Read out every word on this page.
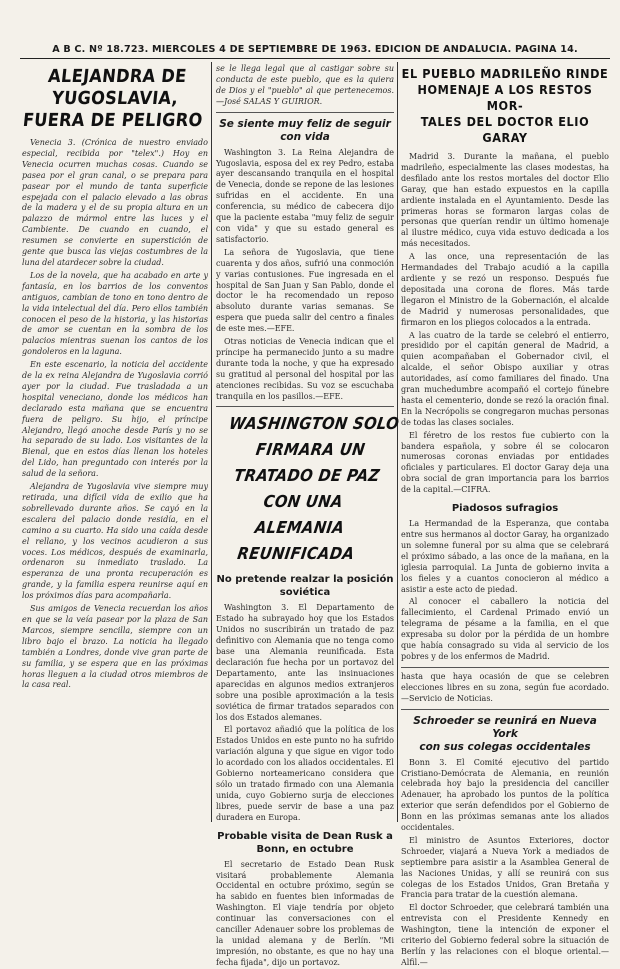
A B C. Nº 18.723. MIERCOLES 4 DE SEPTIEMBRE DE 1963. EDICION DE ANDALUCIA. PAGINA 14.
ALEJANDRA DE YUGOSLAVIA,
FUERA DE PELIGRO

Venecia 3. (Crónica de nuestro enviado especial, recibida por "telex".) Hoy en Venecia ocurren muchas cosas. Cuando se pasea por el gran canal, o se prepara para pasear por el mundo de tanta superficie espejada con el palacio elevado a las obras de la madera y el de su propia altura en un palazzo de mármol entre las luces y el Cambiente. De cuando en cuando, el resumen se convierte en superstición de gente que busca las viejas costumbres de la luna del atardecer sobre la ciudad.

Los de la novela, que ha acabado en arte y fantasía, en los barrios de los conventos antiguos, cambian de tono en tono dentro de la vida intelectual del día. Pero ellos también conocen el peso de la historia, y las historias de amor se cuentan en la sombra de los palacios mientras suenan los cantos de los gondoleros en la laguna.

En este escenario, la noticia del accidente de la ex reina Alejandra de Yugoslavia corrió ayer por la ciudad. Fue trasladada a un hospital veneciano, donde los médicos han declarado esta mañana que se encuentra fuera de peligro. Su hijo, el príncipe Alejandro, llegó anoche desde París y no se ha separado de su lado. Los visitantes de la Bienal, que en estos días llenan los hoteles del Lido, han preguntado con interés por la salud de la señora.

Alejandra de Yugoslavia vive siempre muy retirada, una difícil vida de exilio que ha sobrellevado durante años. Se cayó en la escalera del palacio donde residía, en el camino a su cuarto. Ha sido una caída desde el rellano, y los vecinos acudieron a sus voces. Los médicos, después de examinarla, ordenaron su inmediato traslado. La esperanza de una pronta recuperación es grande, y la familia espera reunirse aquí en los próximos días para acompañarla.

Sus amigos de Venecia recuerdan los años en que se la veía pasear por la plaza de San Marcos, siempre sencilla, siempre con un libro bajo el brazo. La noticia ha llegado también a Londres, donde vive gran parte de su familia, y se espera que en las próximas horas lleguen a la ciudad otros miembros de la casa real.

se le llega legal que al castigar sobre su conducta de este pueblo, que es la quiera de Dios y el "pueblo" al que pertenecemos.—José SALAS Y GUIRIOR.

Se siente muy feliz de seguir con vida

Washington 3. La Reina Alejandra de Yugoslavia, esposa del ex rey Pedro, estaba ayer descansando tranquila en el hospital de Venecia, donde se repone de las lesiones sufridas en el accidente. En una conferencia, su médico de cabecera dijo que la paciente estaba "muy feliz de seguir con vida" y que su estado general es satisfactorio.

La señora de Yugoslavia, que tiene cuarenta y dos años, sufrió una conmoción y varias contusiones. Fue ingresada en el hospital de San Juan y San Pablo, donde el doctor le ha recomendado un reposo absoluto durante varias semanas. Se espera que pueda salir del centro a finales de este mes.—EFE.

Otras noticias de Venecia indican que el príncipe ha permanecido junto a su madre durante toda la noche, y que ha expresado su gratitud al personal del hospital por las atenciones recibidas. Su voz se escuchaba tranquila en los pasillos.—EFE.

WASHINGTON SOLO FIRMARA UN
TRATADO DE PAZ CON UNA
ALEMANIA REUNIFICADA
No pretende realzar la posición soviética

Washington 3. El Departamento de Estado ha subrayado hoy que los Estados Unidos no suscribirán un tratado de paz definitivo con Alemania que no tenga como base una Alemania reunificada. Esta declaración fue hecha por un portavoz del Departamento, ante las insinuaciones aparecidas en algunos medios extranjeros sobre una posible aproximación a la tesis soviética de firmar tratados separados con los dos Estados alemanes.

El portavoz añadió que la política de los Estados Unidos en este punto no ha sufrido variación alguna y que sigue en vigor todo lo acordado con los aliados occidentales. El Gobierno norteamericano considera que sólo un tratado firmado con una Alemania unida, cuyo Gobierno surja de elecciones libres, puede servir de base a una paz duradera en Europa.

Probable visita de Dean Rusk a Bonn, en octubre

El secretario de Estado Dean Rusk visitará probablemente Alemania Occidental en octubre próximo, según se ha sabido en fuentes bien informadas de Washington. El viaje tendría por objeto continuar las conversaciones con el canciller Adenauer sobre los problemas de la unidad alemana y de Berlín. "Mi impresión, no obstante, es que no hay una fecha fijada", dijo un portavoz.

EL PUEBLO MADRILEÑO RINDE
HOMENAJE A LOS RESTOS MOR-
TALES DEL DOCTOR ELIO GARAY

Madrid 3. Durante la mañana, el pueblo madrileño, especialmente las clases modestas, ha desfilado ante los restos mortales del doctor Elio Garay, que han estado expuestos en la capilla ardiente instalada en el Ayuntamiento. Desde las primeras horas se formaron largas colas de personas que querían rendir un último homenaje al ilustre médico, cuya vida estuvo dedicada a los más necesitados.

A las once, una representación de las Hermandades del Trabajo acudió a la capilla ardiente y se rezó un responso. Después fue depositada una corona de flores. Más tarde llegaron el Ministro de la Gobernación, el alcalde de Madrid y numerosas personalidades, que firmaron en los pliegos colocados a la entrada.

A las cuatro de la tarde se celebró el entierro, presidido por el capitán general de Madrid, a quien acompañaban el Gobernador civil, el alcalde, el señor Obispo auxiliar y otras autoridades, así como familiares del finado. Una gran muchedumbre acompañó el cortejo fúnebre hasta el cementerio, donde se rezó la oración final. En la Necrópolis se congregaron muchas personas de todas las clases sociales.

El féretro de los restos fue cubierto con la bandera española, y sobre él se colocaron numerosas coronas enviadas por entidades oficiales y particulares. El doctor Garay deja una obra social de gran importancia para los barrios de la capital.—CIFRA.

Piadosos sufragios

La Hermandad de la Esperanza, que contaba entre sus hermanos al doctor Garay, ha organizado un solemne funeral por su alma que se celebrará el próximo sábado, a las once de la mañana, en la iglesia parroquial. La Junta de gobierno invita a los fieles y a cuantos conocieron al médico a asistir a este acto de piedad.

Al conocer el caballero la noticia del fallecimiento, el Cardenal Primado envió un telegrama de pésame a la familia, en el que expresaba su dolor por la pérdida de un hombre que había consagrado su vida al servicio de los pobres y de los enfermos de Madrid.

hasta que haya ocasión de que se celebren elecciones libres en su zona, según fue acordado.—Servicio de Noticias.

Schroeder se reunirá en Nueva York
con sus colegas occidentales

Bonn 3. El Comité ejecutivo del partido Cristiano-Demócrata de Alemania, en reunión celebrada hoy bajo la presidencia del canciller Adenauer, ha aprobado los puntos de la política exterior que serán defendidos por el Gobierno de Bonn en las próximas semanas ante los aliados occidentales.

El ministro de Asuntos Exteriores, doctor Schroeder, viajará a Nueva York a mediados de septiembre para asistir a la Asamblea General de las Naciones Unidas, y allí se reunirá con sus colegas de los Estados Unidos, Gran Bretaña y Francia para tratar de la cuestión alemana.

El doctor Schroeder, que celebrará también una entrevista con el Presidente Kennedy en Washington, tiene la intención de exponer el criterio del Gobierno federal sobre la situación de Berlín y las relaciones con el bloque oriental.—Alfil.—
